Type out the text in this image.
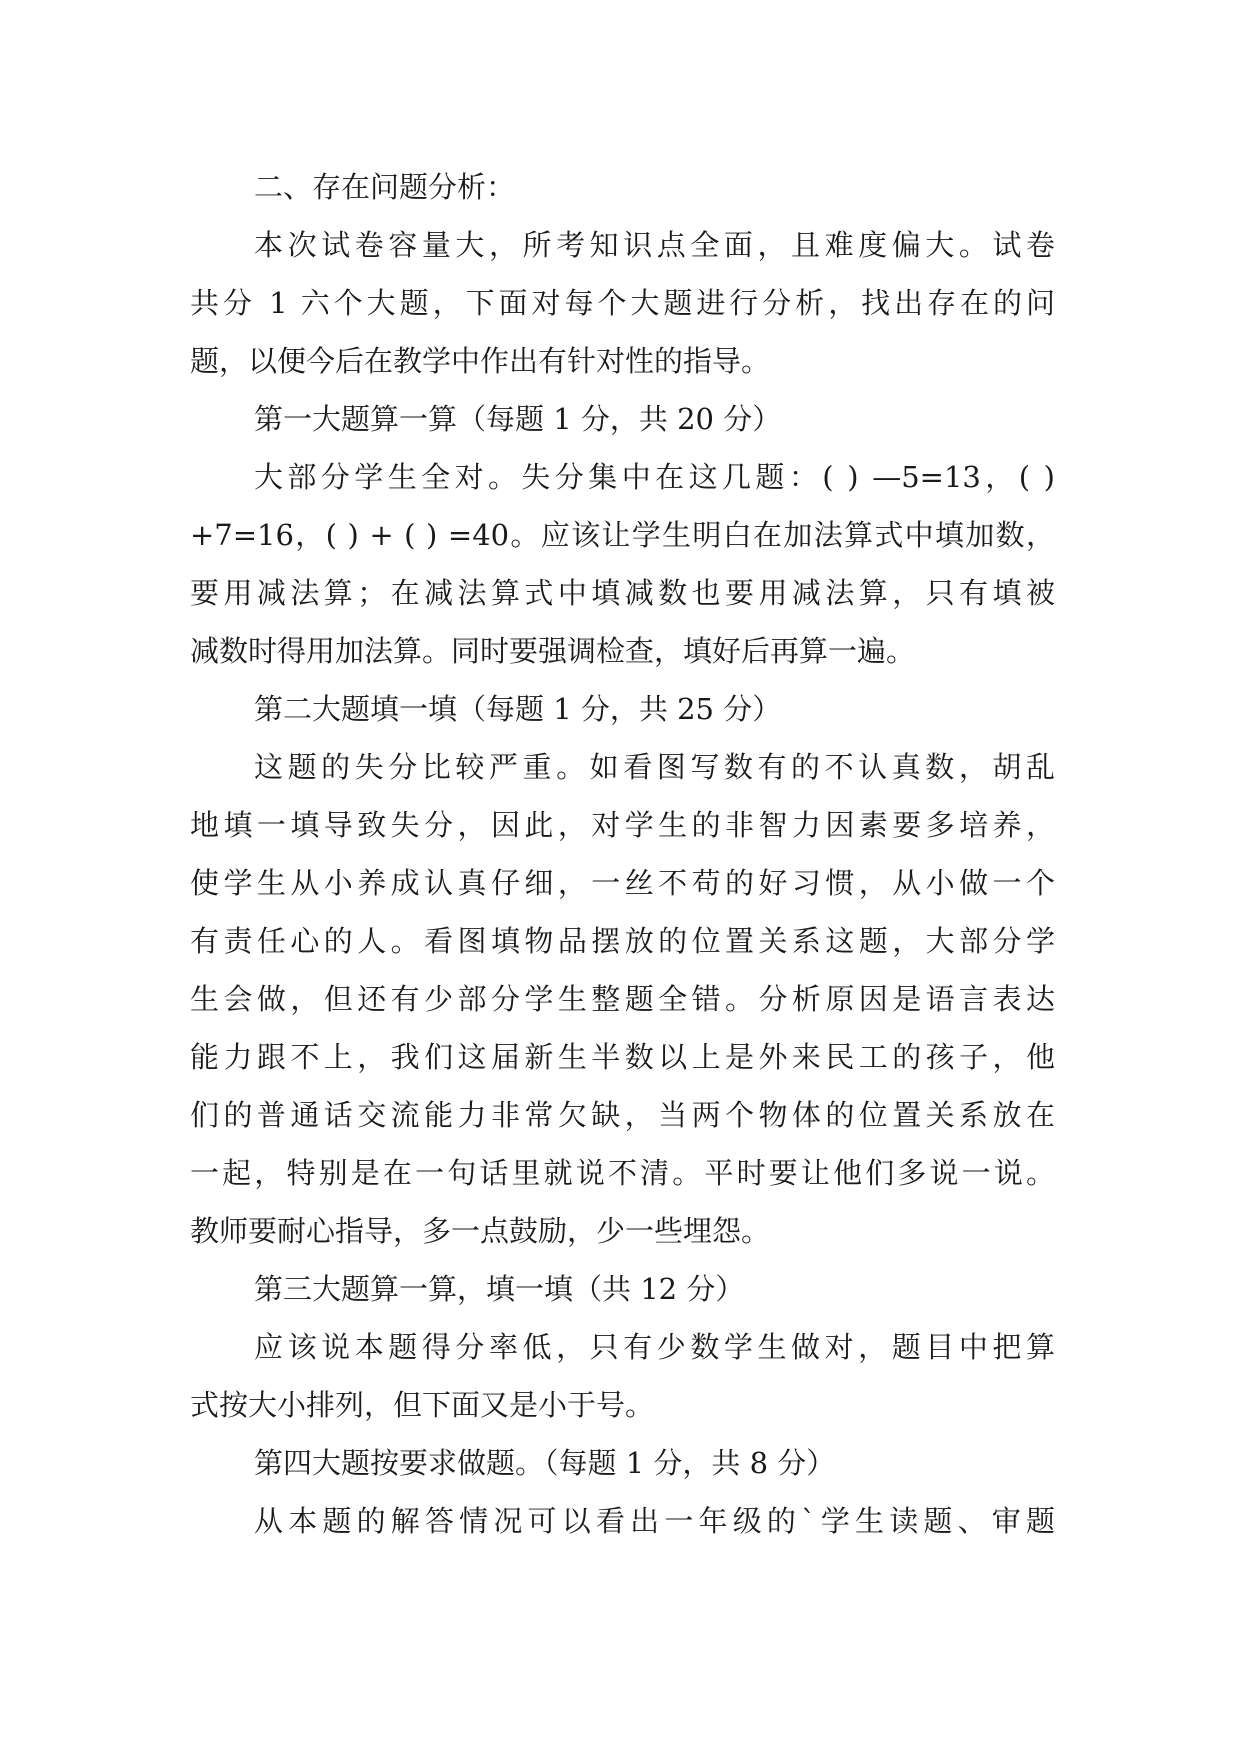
二、存在问题分析：
本次试卷容量大，所考知识点全面，且难度偏大。试卷
共分 1 六个大题，下面对每个大题进行分析，找出存在的问
题，以便今后在教学中作出有针对性的指导。
第一大题算一算（每题 1 分，共 20 分）
大部分学生全对。失分集中在这几题：( ) —5=13，( )
+7=16，( ) + ( ) =40。应该让学生明白在加法算式中填加数，
要用减法算；在减法算式中填减数也要用减法算，只有填被
减数时得用加法算。同时要强调检查，填好后再算一遍。
第二大题填一填（每题 1 分，共 25 分）
这题的失分比较严重。如看图写数有的不认真数，胡乱
地填一填导致失分，因此，对学生的非智力因素要多培养，
使学生从小养成认真仔细，一丝不苟的好习惯，从小做一个
有责任心的人。看图填物品摆放的位置关系这题，大部分学
生会做，但还有少部分学生整题全错。分析原因是语言表达
能力跟不上，我们这届新生半数以上是外来民工的孩子，他
们的普通话交流能力非常欠缺，当两个物体的位置关系放在
一起，特别是在一句话里就说不清。平时要让他们多说一说。
教师要耐心指导，多一点鼓励，少一些埋怨。
第三大题算一算，填一填（共 12 分）
应该说本题得分率低，只有少数学生做对，题目中把算
式按大小排列，但下面又是小于号。
第四大题按要求做题。（每题 1 分，共 8 分）
从本题的解答情况可以看出一年级的`学生读题、审题
